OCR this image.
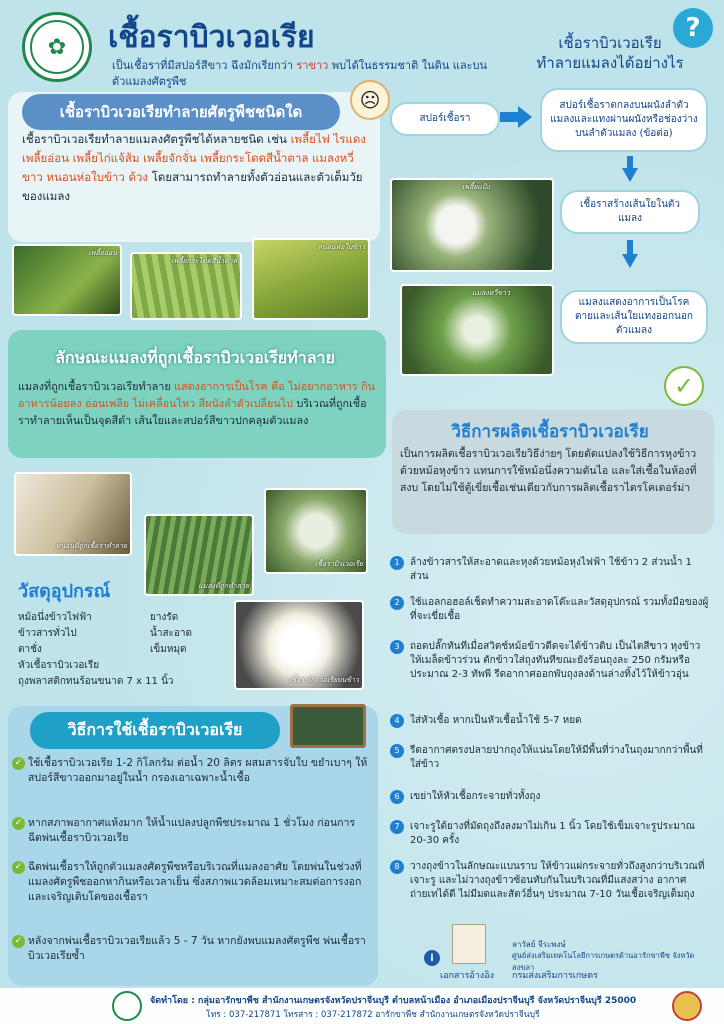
✿	เชื้อราบิวเวอเรีย
เป็นเชื้อราที่มีสปอร์สีขาว ฉึงมักเรียกว่า ราขาว พบได้ในธรรมชาติ ในดิน และบนตัวแมลงศัตรูพืช
?
เชื้อราบิวเวอเรีย
ทำลายแมลงได้อย่างไร
เชื้อราบิวเวอเรียทำลายศัตรูพืชชนิดใด	☹
เชื้อราบิวเวอเรียทำลายแมลงศัตรูพืชได้หลายชนิด เช่น เพลี้ยไฟ ไรแดง เพลี้ยอ่อน เพลี้ยไก่แจ้ส้ม เพลี้ยจักจั่น เพลี้ยกระโดดสีน้ำตาล แมลงหวี่ขาว หนอนห่อใบข้าว ด้วง โดยสามารถทำลายทั้งตัวอ่อนและตัวเต็มวัยของแมลง
เพลี้ยอ่อน
เพลี้ยกระโดดสีน้ำตาล
หนอนห่อใบข้าว
สปอร์เชื้อรา
สปอร์เชื้อราตกลงบนผนังลำตัวแมลงและแทงผ่านผนังหรือช่องว่างบนลำตัวแมลง (ข้อต่อ)
เชื้อราสร้างเส้นใยในตัวแมลง
แมลงแสดงอาการเป็นโรคตายและเส้นใยแทงออกนอกตัวแมลง
เพลี้ยแป้ง
แมลงหวี่ขาว
ลักษณะแมลงที่ถูกเชื้อราบิวเวอเรียทำลาย
แมลงที่ถูกเชื้อราบิวเวอเรียทำลาย แสดงอาการเป็นโรค คือ ไม่อยากอาหาร กินอาหารน้อยลง อ่อนเพลีย ไม่เคลื่อนไหว สีผนังลำตัวเปลี่ยนไป บริเวณที่ถูกเชื้อราทำลายเห็นเป็นจุดสีดำ เส้นใยและสปอร์สีขาวปกคลุมตัวแมลง
หนอนที่ถูกเชื้อราทำลาย
แมลงที่ถูกทำลาย
เชื้อราบิวเวอเรีย
วัสดุอุปกรณ์
หม้อนึ่งข้าวไฟฟ้า
ข้าวสารทั่วไป
ตาชั่ง
หัวเชื้อราบิวเวอเรีย
ถุงพลาสติกทนร้อนขนาด 7 x 11 นิ้ว
ยางรัด
น้ำสะอาด
เข็มหมุด
เชื้อราบิวเวอเรียบนข้าว
วิธีการใช้เชื้อราบิวเวอเรีย
✓ ใช้เชื้อราบิวเวอเรีย 1-2 กิโลกรัม ต่อน้ำ 20 ลิตร ผสมสารจับใบ ขยำเบาๆ ให้สปอร์สีขาวออกมาอยู่ในน้ำ กรองเอาเฉพาะน้ำเชื้อ
✓ หากสภาพอากาศแห้งมาก ให้น้ำแปลงปลูกพืชประมาณ 1 ชั่วโมง ก่อนการฉีดพ่นเชื้อราบิวเวอเรีย
✓ ฉีดพ่นเชื้อราให้ถูกตัวแมลงศัตรูพืชหรือบริเวณที่แมลงอาศัย โดยพ่นในช่วงที่แมลงศัตรูพืชออกหากินหรือเวลาเย็น ซึ่งสภาพแวดล้อมเหมาะสมต่อการงอกและเจริญเติบโตของเชื้อรา
✓ หลังจากพ่นเชื้อราบิวเวอเรียแล้ว 5 - 7 วัน หากยังพบแมลงศัตรูพืช พ่นเชื้อราบิวเวอเรียซ้ำ
✓
วิธีการผลิตเชื้อราบิวเวอเรีย
เป็นการผลิตเชื้อราบิวเวอเรียวิธีง่ายๆ โดยดัดแปลงใช้วิธีการหุงข้าวด้วยหม้อหุงข้าว แทนการใช้หม้อนึ่งความดันไอ และใส่เชื้อในห้องที่สงบ โดยไม่ใช้ตู้เขี่ยเชื้อเช่นเดียวกับการผลิตเชื้อราไตรโคเดอร์ม่า
1	ล้างข้าวสารให้สะอาดและหุงด้วยหม้อหุงไฟฟ้า ใช้ข้าว 2 ส่วนน้ำ 1 ส่วน
2	ใช้แอลกอฮอล์เช็ดทำความสะอาดโต๊ะและวัสดุอุปกรณ์ รวมทั้งมือของผู้ที่จะเขี่ยเชื้อ
3	ถอดปลั๊กทันทีเมื่อสวิตช์หม้อข้าวดีดจะได้ข้าวดิบ เป็นไตสีขาว หุงข้าวให้เมล็ดข้าวร่วน ตักข้าวใส่ถุงทันทีขณะยังร้อนถุงละ 250 กรัมหรือประมาณ 2-3 ทัพพี รีดอากาศออกพับถุงลงด้านล่างทิ้งไว้ให้ข้าวอุ่น
4	ใส่หัวเชื้อ หากเป็นหัวเชื้อน้ำใช้ 5-7 หยด
5	รีดอากาศตรงปลายปากถุงให้แน่นโดยให้มีพื้นที่ว่างในถุงมากกว่าพื้นที่ใส่ข้าว
6	เขย่าให้หัวเชื้อกระจายทั่วทั้งถุง
7	เจาะรูใต้ยางที่มัดถุงถึงลงมาไม่เกิน 1 นิ้ว โดยใช้เข็มเจาะรูประมาณ 20-30 ครั้ง
8	วางถุงข้าวในลักษณะแบนราบ ให้ข้าวแผ่กระจายทั่วถึงสูงกว่าบริเวณที่เจาะรู และไม่วางถุงข้าวซ้อนทับกันในบริเวณที่มีแสงสว่าง อากาศถ่ายเทได้ดี ไม่มีมดและสัตว์อื่นๆ ประมาณ 7-10 วันเชื้อเจริญเต็มถุง
i
เอกสารอ้างอิง
ลาวัลย์ จีระพงษ์
ศูนย์ส่งเสริมเทคโนโลยีการเกษตรด้านอารักขาพืช จังหวัดสงขลา
กรมส่งเสริมการเกษตร
จัดทำโดย : กลุ่มอารักขาพืช สำนักงานเกษตรจังหวัดปราจีนบุรี ตำบลหน้าเมือง อำเภอเมืองปราจีนบุรี จังหวัดปราจีนบุรี 25000
โทร : 037-217871 โทรสาร : 037-217872 อารักขาพืช สำนักงานเกษตรจังหวัดปราจีนบุรี
